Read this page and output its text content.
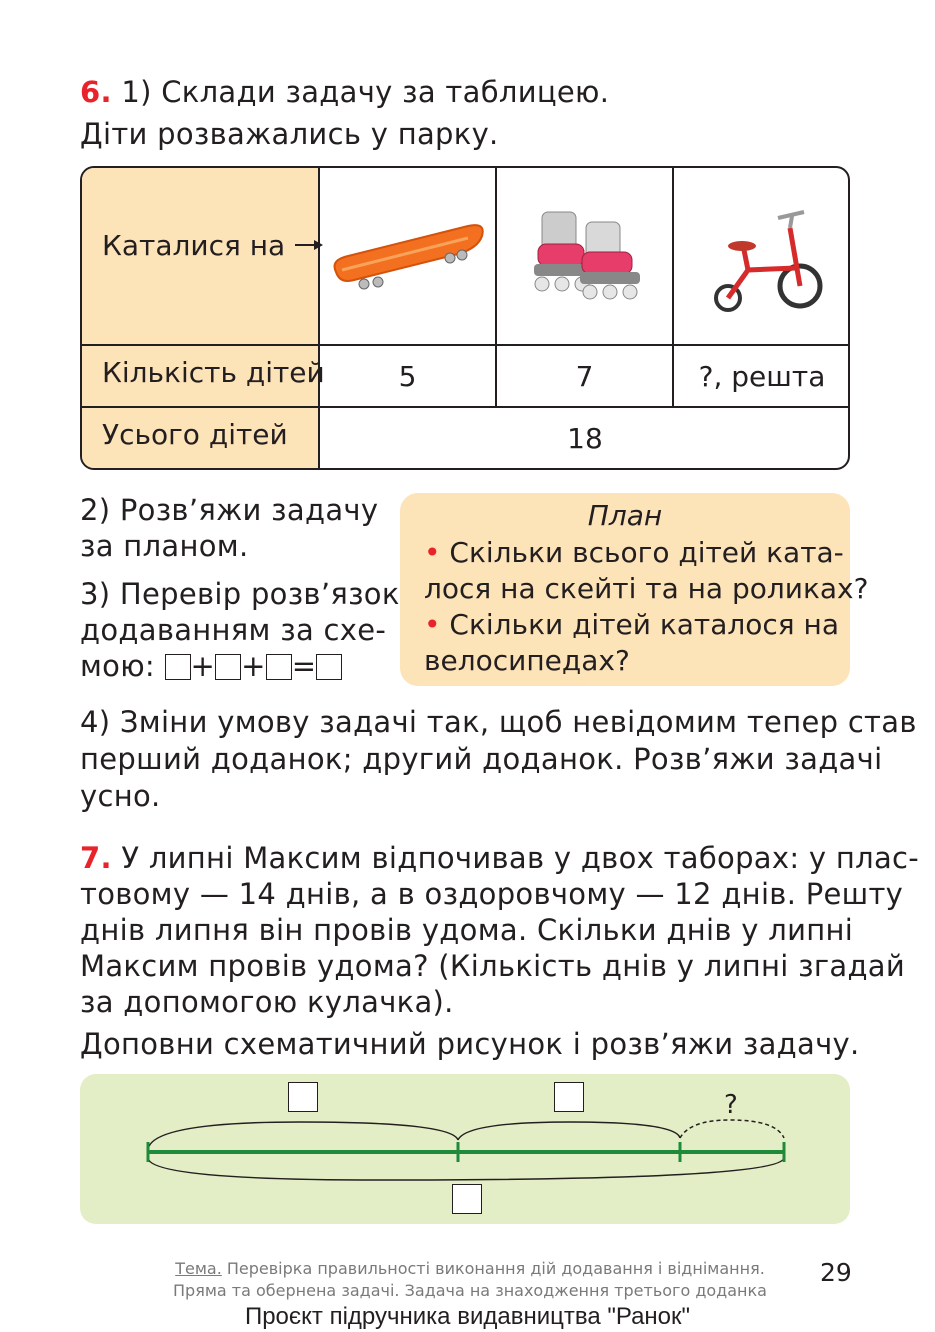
6. 1) Склади задачу за таблицею.
Діти розважались у парку.
Каталися на
Кількість дітей	5	7	?, решта
Усього дітей	18
2) Розв’яжи задачу
за планом.
3) Перевір розв’язок
додаванням за схе-
мою: + + =
План
• Скільки всього дітей ката-
лося на скейті та на роликах?
• Скільки дітей каталося на
велосипедах?
4) Зміни умову задачі так, щоб невідомим тепер став
перший доданок; другий доданок. Розв’яжи задачі
усно.
7. У липні Максим відпочивав у двох таборах: у плас-
товому — 14 днів, а в оздоровчому — 12 днів. Решту
днів липня він провів удома. Скільки днів у липні
Максим провів удома? (Кількість днів у липні згадай
за допомогою кулачка).
Доповни схематичний рисунок і розв’яжи задачу.
?
Тема. Перевірка правильності виконання дій додавання і віднімання.
Пряма та обернена задачі. Задача на знаходження третього доданка
29
Проєкт підручника видавництва "Ранок"
